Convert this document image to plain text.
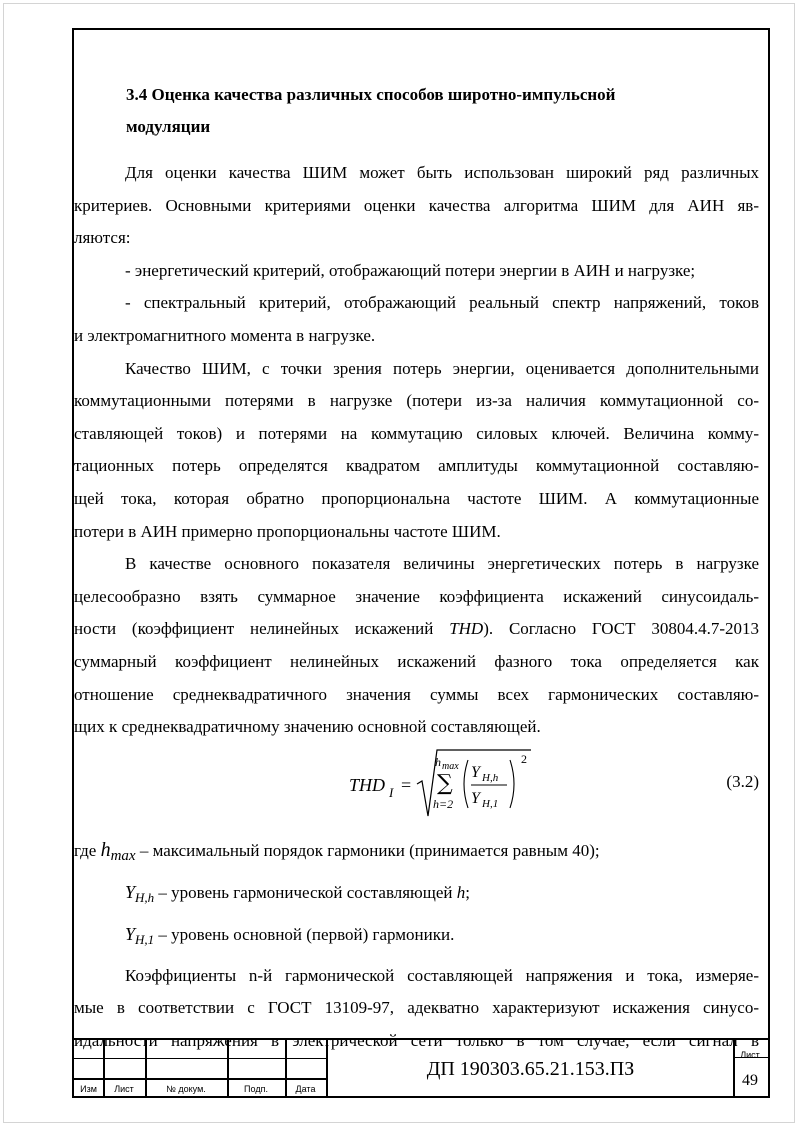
3.4 Оценка качества различных способов широтно-импульсной
модуляции
Для оценки качества ШИМ может быть использован широкий ряд различных
критериев. Основными критериями оценки качества алгоритма ШИМ для АИН яв-
ляются:
- энергетический критерий, отображающий потери энергии в АИН и нагрузке;
- спектральный критерий, отображающий реальный спектр напряжений, токов
и электромагнитного момента в нагрузке.
Качество ШИМ, с точки зрения потерь энергии, оценивается дополнительными
коммутационными потерями в нагрузке (потери из-за наличия коммутационной со-
ставляющей токов) и потерями на коммутацию силовых ключей. Величина комму-
тационных потерь определятся квадратом амплитуды коммутационной составляю-
щей тока, которая обратно пропорциональна частоте ШИМ. А коммутационные
потери в АИН примерно пропорциональны частоте ШИМ.
В качестве основного показателя величины энергетических потерь в нагрузке
целесообразно взять суммарное значение коэффициента искажений синусоидаль-
ности (коэффициент нелинейных искажений THD). Согласно ГОСТ 30804.4.7-2013
суммарный коэффициент нелинейных искажений фазного тока определяется как
отношение среднеквадратичного значения суммы всех гармонических составляю-
щих к среднеквадратичному значению основной составляющей.
THD I =
h max
∑
h=2
Y H,h
Y H,1
2
(3.2)
где hmax – максимальный порядок гармоники (принимается равным 40);
$Y_{H,h}$ – уровень гармонической составляющей h;
$Y_{H,1}$ – уровень основной (первой) гармоники.
Коэффициенты n-й гармонической составляющей напряжения и тока, измеряе-
мые в соответствии с ГОСТ 13109-97, адекватно характеризуют искажения синусо-
идальности напряжения в электрической сети только в том случае, если сигнал в
Изм	Лист	№ докум.	Подп.	Дата
ДП 190303.65.21.153.ПЗ
Лист
49
